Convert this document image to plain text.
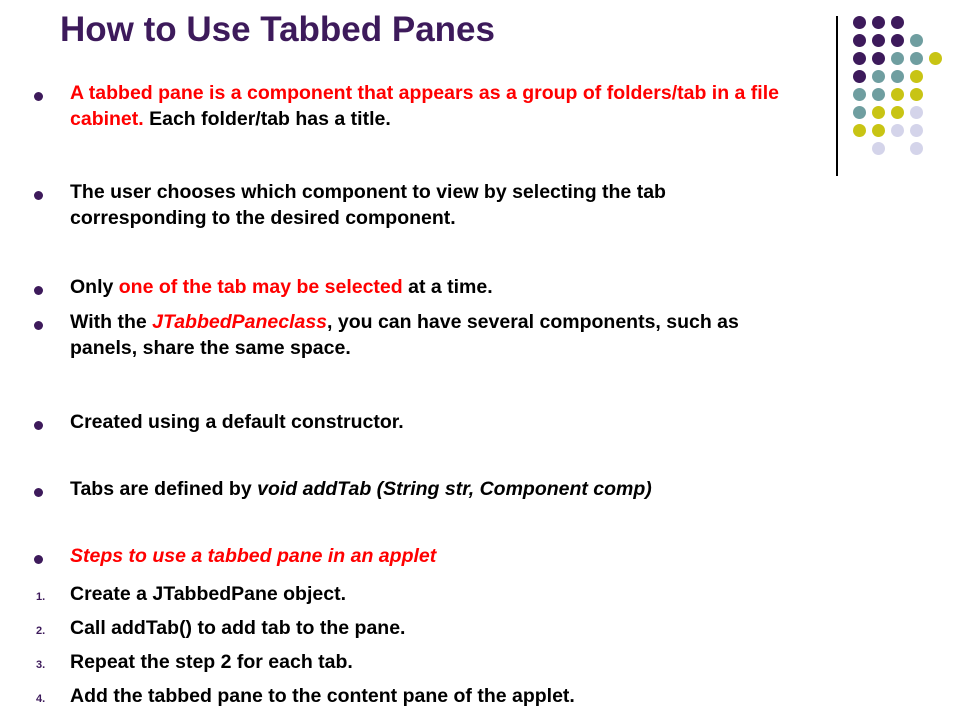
How to Use Tabbed Panes
A tabbed pane is a component that appears as a group of folders/tab in a file
cabinet. Each folder/tab has a title.
The user chooses which component to view by selecting the tab
corresponding to the desired component.
Only one of the tab may be selected at a time.
With the JTabbedPaneclass, you can have several components, such as
panels, share the same space.
Created using a default constructor.
Tabs are defined by void addTab (String str, Component comp)
Steps to use a tabbed pane in an applet
1. Create a JTabbedPane object.
2. Call addTab() to add tab to the pane.
3. Repeat the step 2 for each tab.
4. Add the tabbed pane to the content pane of the applet.
